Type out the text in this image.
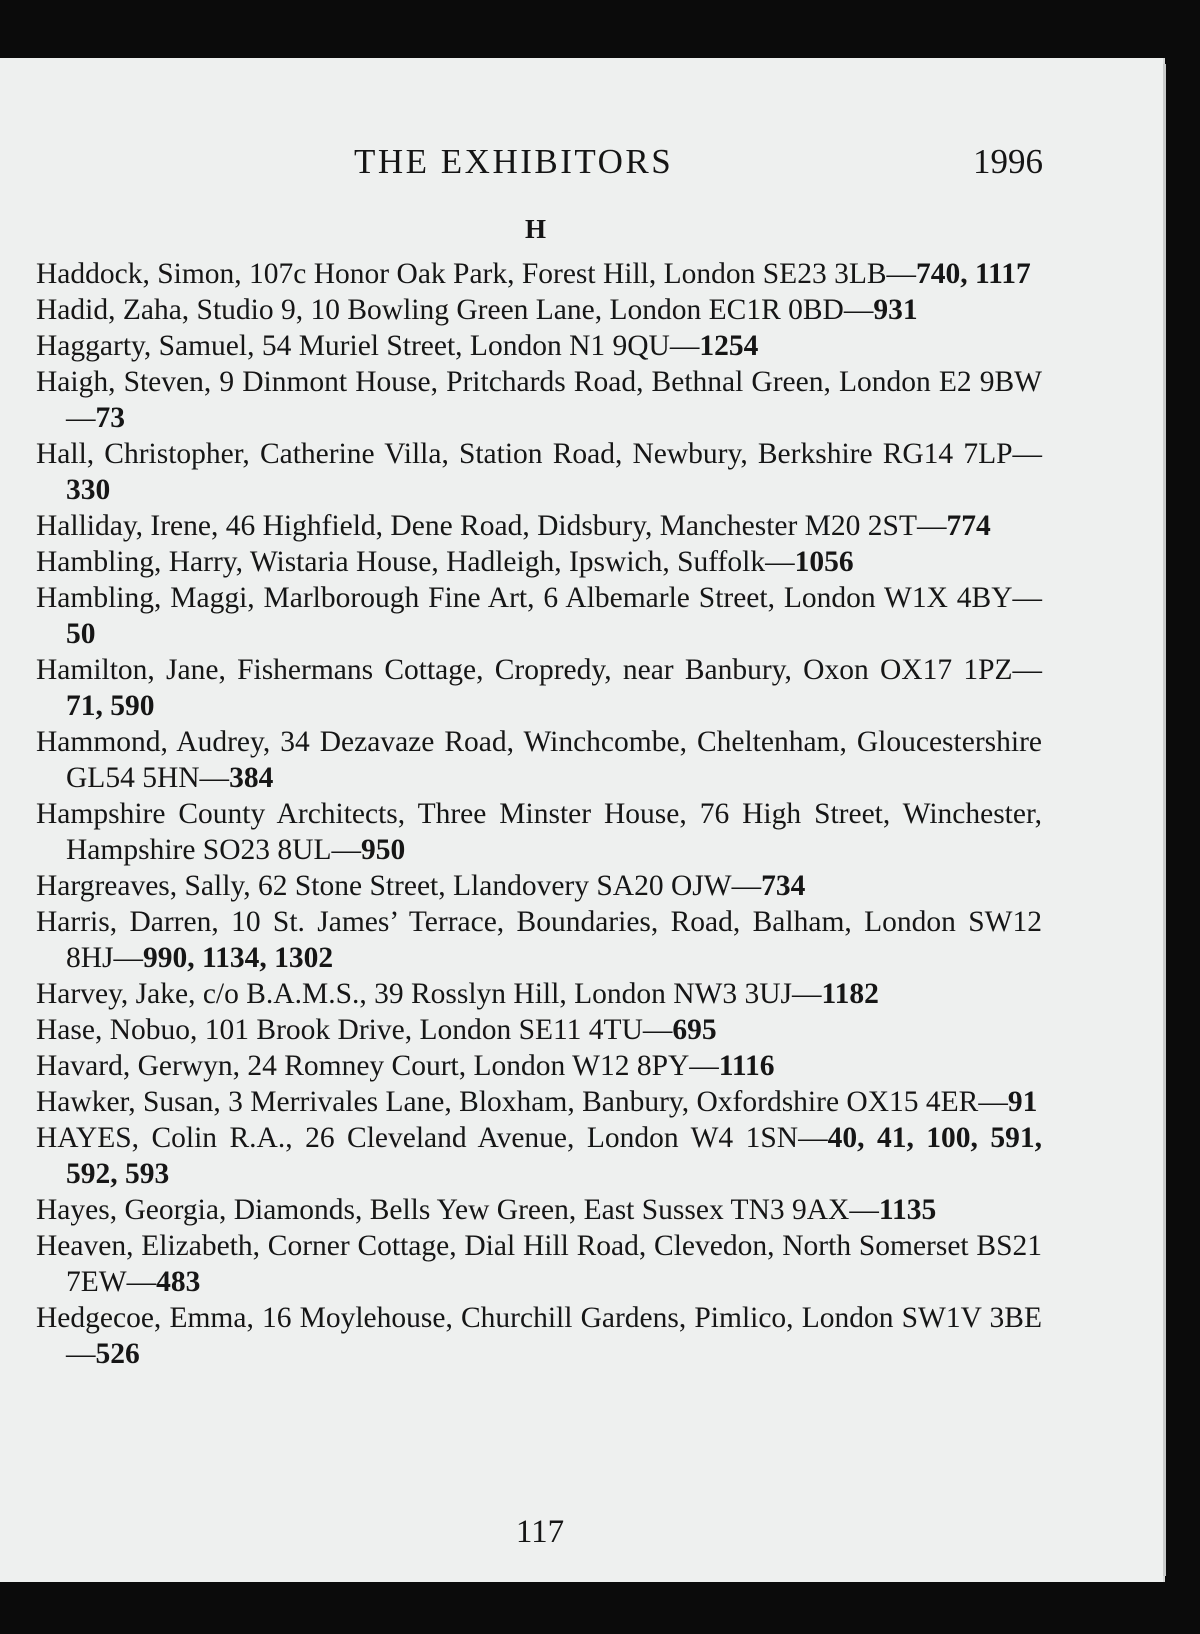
THE EXHIBITORS	1996
H
Haddock, Simon, 107c Honor Oak Park, Forest Hill, London SE23 3LB—740, 1117
Hadid, Zaha, Studio 9, 10 Bowling Green Lane, London EC1R 0BD—931
Haggarty, Samuel, 54 Muriel Street, London N1 9QU—1254
Haigh, Steven, 9 Dinmont House, Pritchards Road, Bethnal Green, London E2 9BW—73
Hall, Christopher, Catherine Villa, Station Road, Newbury, Berkshire RG14 7LP—330
Halliday, Irene, 46 Highfield, Dene Road, Didsbury, Manchester M20 2ST—774
Hambling, Harry, Wistaria House, Hadleigh, Ipswich, Suffolk—1056
Hambling, Maggi, Marlborough Fine Art, 6 Albemarle Street, London W1X 4BY—50
Hamilton, Jane, Fishermans Cottage, Cropredy, near Banbury, Oxon OX17 1PZ—71, 590
Hammond, Audrey, 34 Dezavaze Road, Winchcombe, Cheltenham, Gloucestershire GL54 5HN—384
Hampshire County Architects, Three Minster House, 76 High Street, Winchester, Hampshire SO23 8UL—950
Hargreaves, Sally, 62 Stone Street, Llandovery SA20 OJW—734
Harris, Darren, 10 St. James’ Terrace, Boundaries, Road, Balham, London SW12 8HJ—990, 1134, 1302
Harvey, Jake, c/o B.A.M.S., 39 Rosslyn Hill, London NW3 3UJ—1182
Hase, Nobuo, 101 Brook Drive, London SE11 4TU—695
Havard, Gerwyn, 24 Romney Court, London W12 8PY—1116
Hawker, Susan, 3 Merrivales Lane, Bloxham, Banbury, Oxfordshire OX15 4ER—91
HAYES, Colin R.A., 26 Cleveland Avenue, London W4 1SN—40, 41, 100, 591, 592, 593
Hayes, Georgia, Diamonds, Bells Yew Green, East Sussex TN3 9AX—1135
Heaven, Elizabeth, Corner Cottage, Dial Hill Road, Clevedon, North Somerset BS21 7EW—483
Hedgecoe, Emma, 16 Moylehouse, Churchill Gardens, Pimlico, London SW1V 3BE—526
117
